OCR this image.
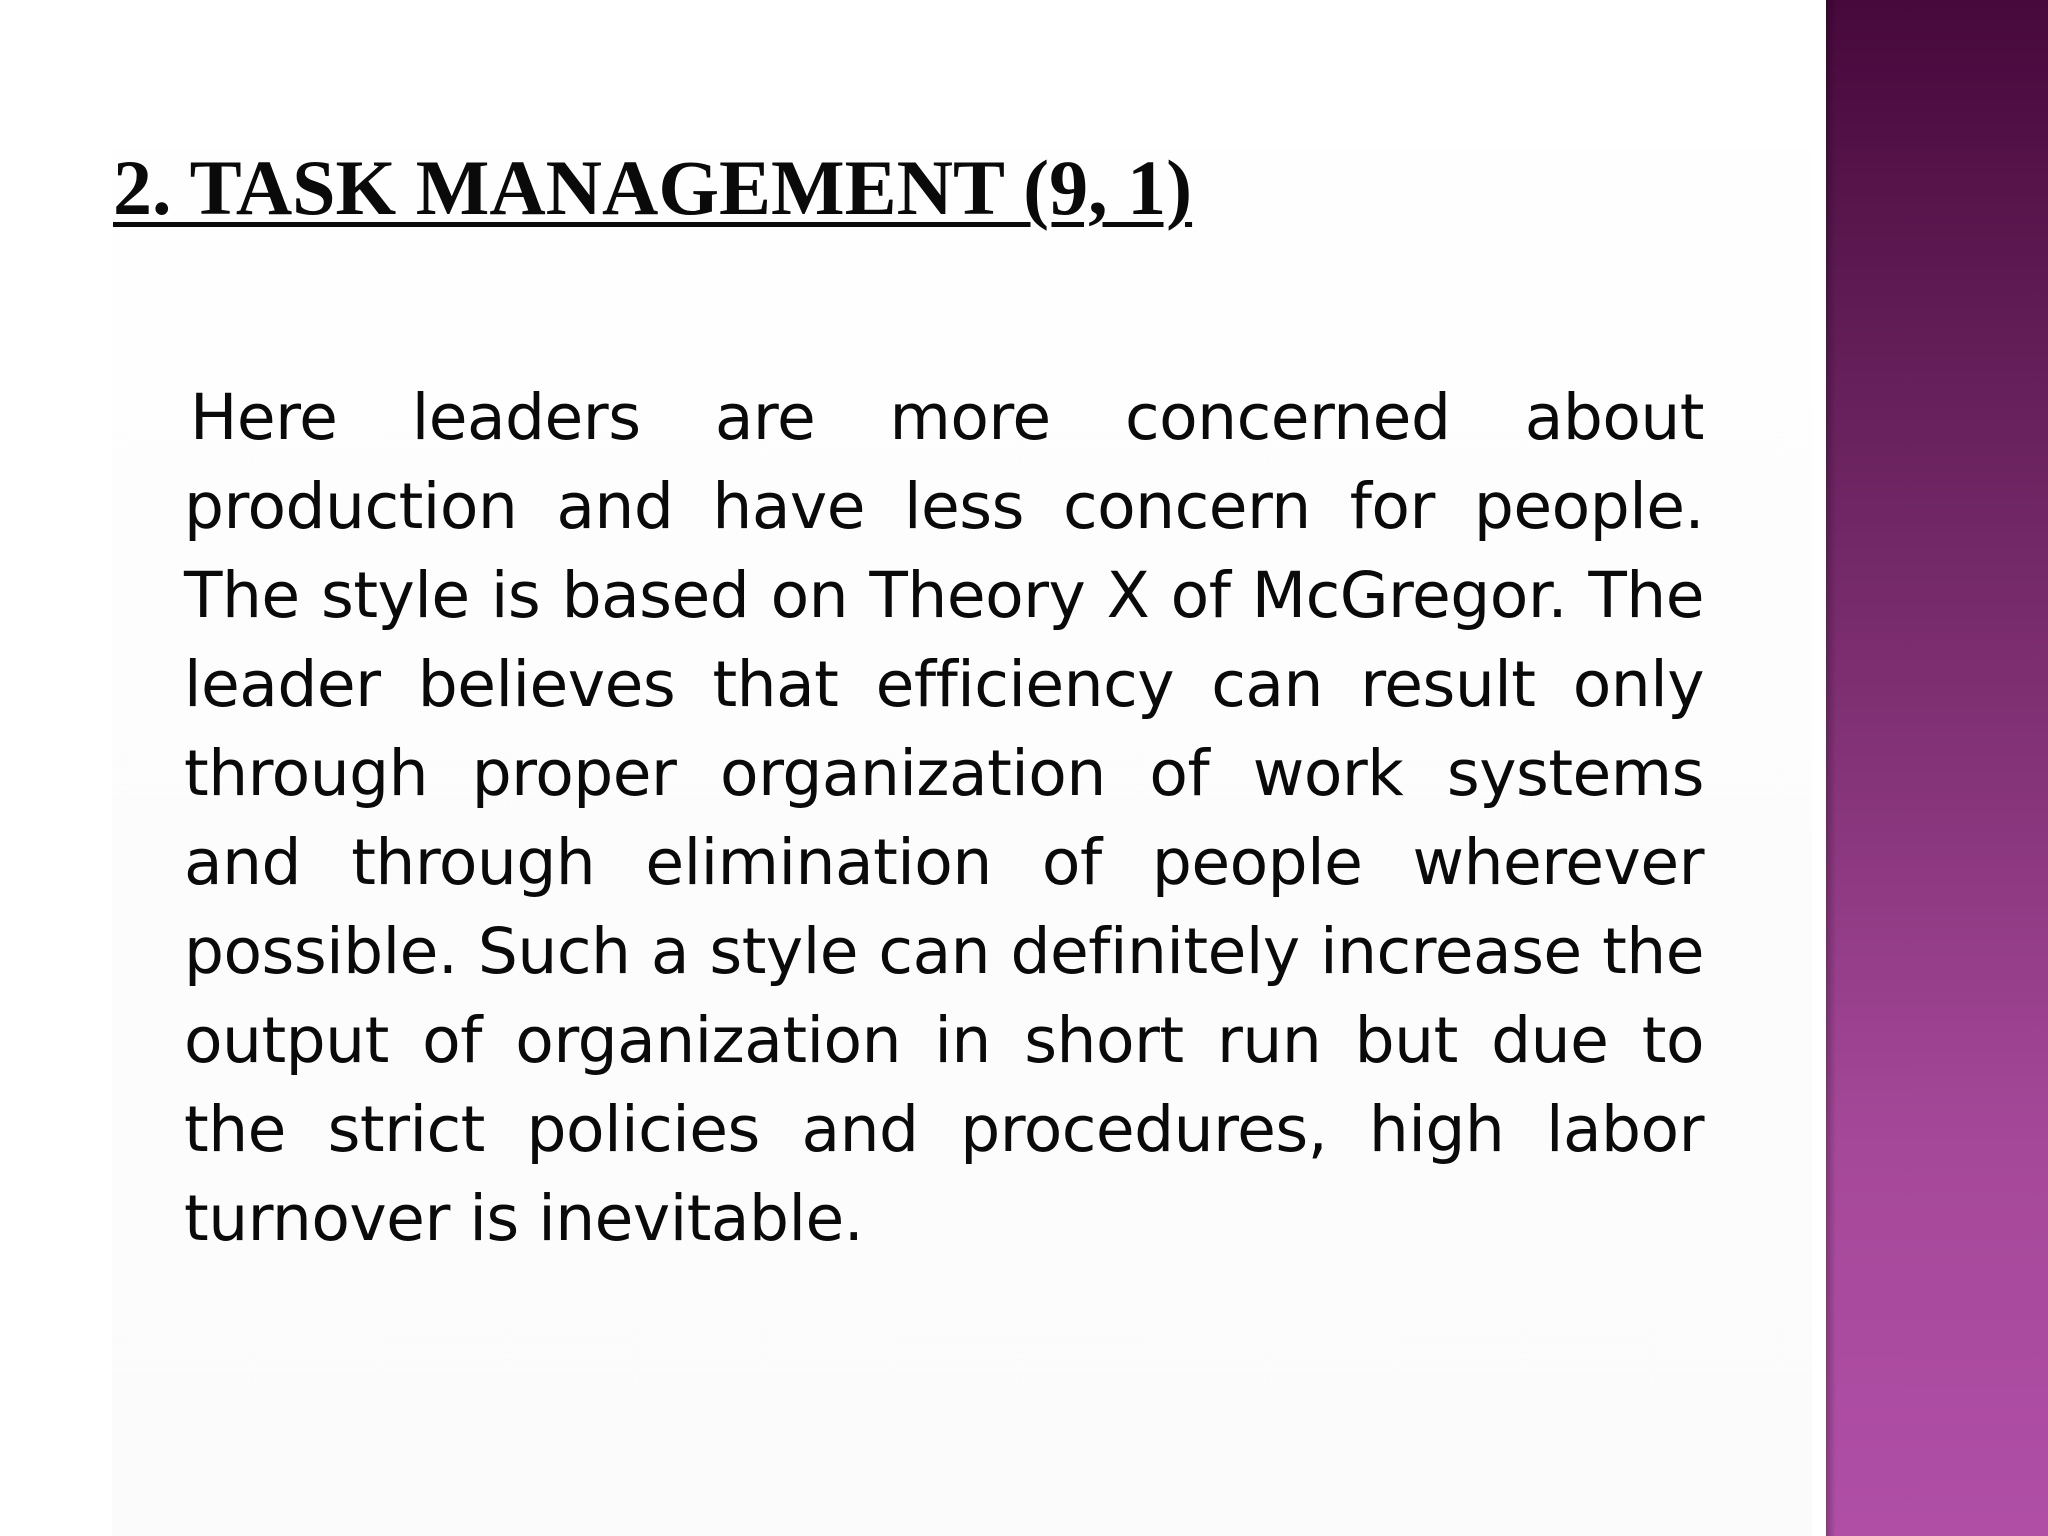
2. TASK MANAGEMENT (9, 1)

Here leaders are more concerned about production and have less concern for people. The style is based on Theory X of McGregor. The leader believes that efficiency can result only through proper organization of work systems and through elimination of people wherever possible. Such a style can definitely increase the output of organization in short run but due to the strict policies and procedures, high labor turnover is inevitable.
